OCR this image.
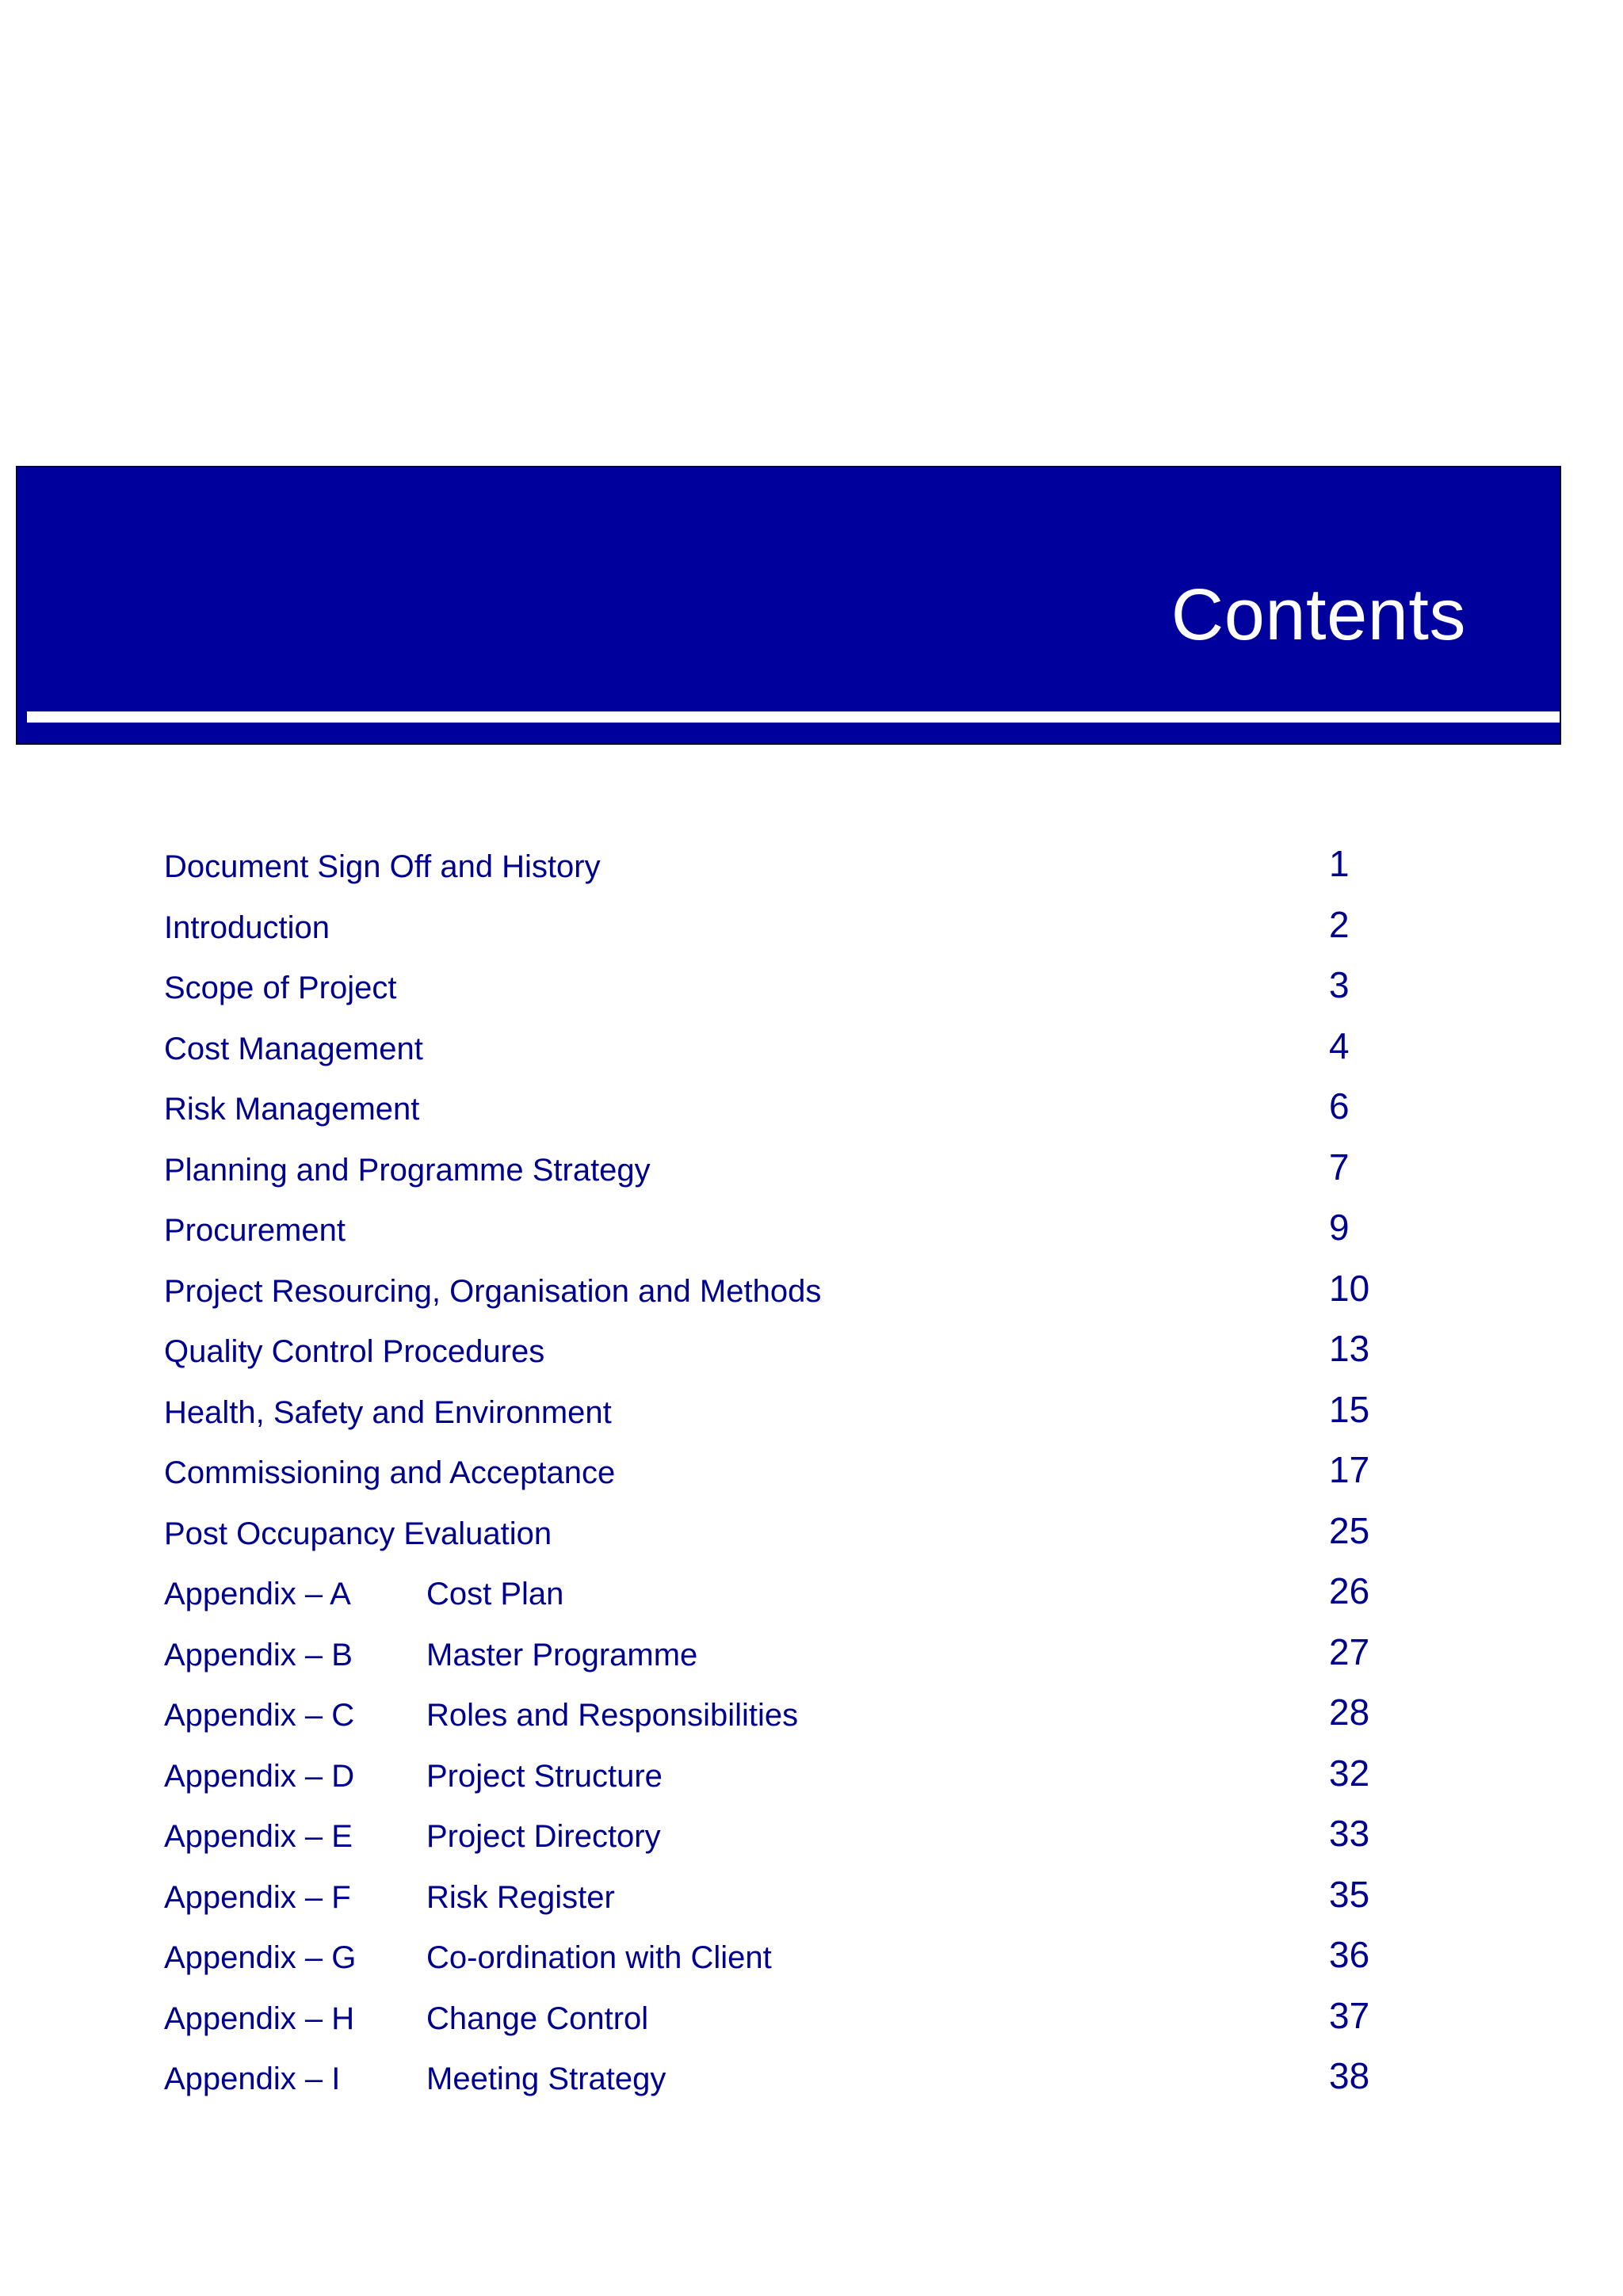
Contents
Document Sign Off and History	1
Introduction	2
Scope of Project	3
Cost Management	4
Risk Management	6
Planning and Programme Strategy	7
Procurement	9
Project Resourcing, Organisation and Methods	10
Quality Control Procedures	13
Health, Safety and Environment	15
Commissioning and Acceptance	17
Post Occupancy Evaluation	25
Appendix – A Cost Plan	26
Appendix – B Master Programme	27
Appendix – C Roles and Responsibilities	28
Appendix – D Project Structure	32
Appendix – E Project Directory	33
Appendix – F Risk Register	35
Appendix – G Co-ordination with Client	36
Appendix – H Change Control	37
Appendix – I	Meeting Strategy	38
